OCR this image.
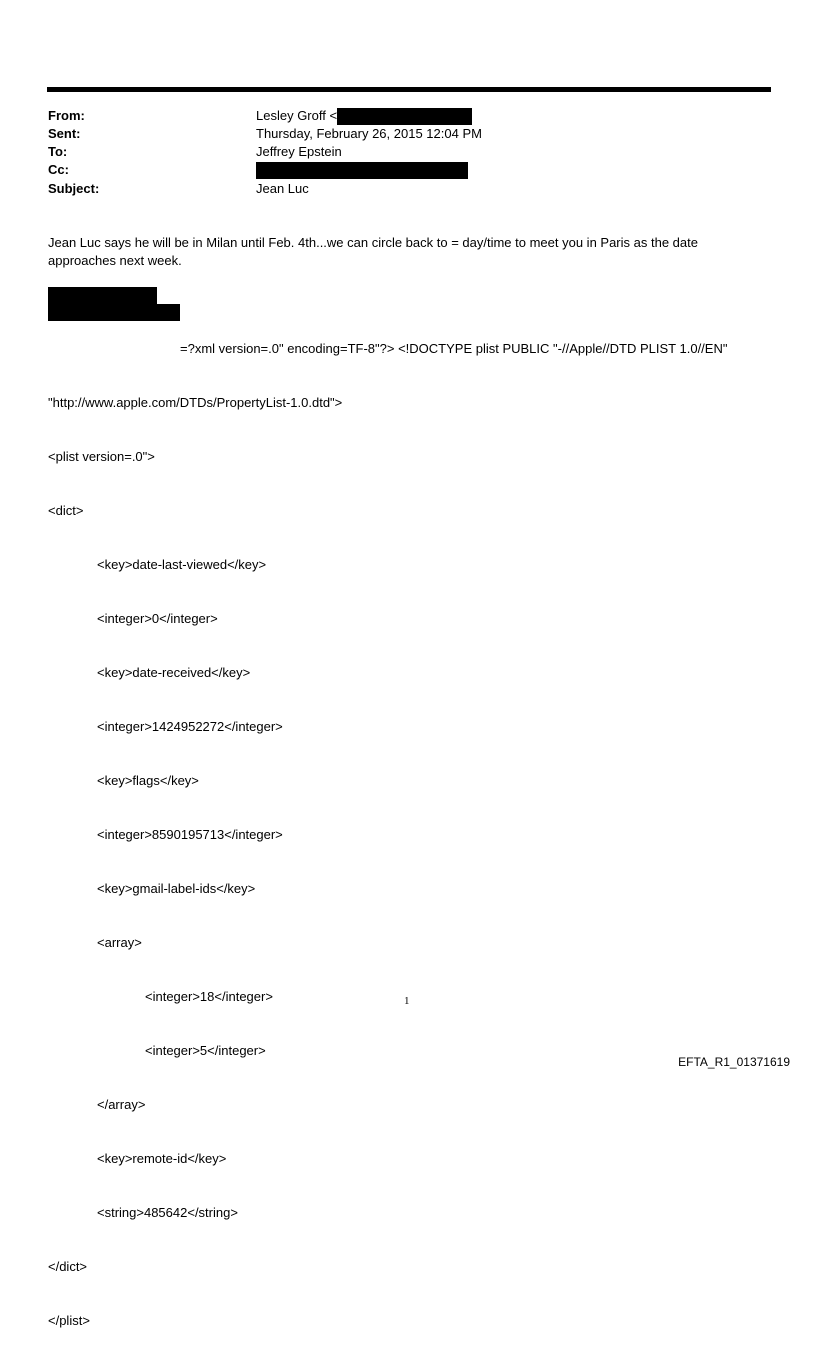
From:	Lesley Groff <
Sent:	Thursday, February 26, 2015 12:04 PM
To:	Jeffrey Epstein
Cc:
Subject:	Jean Luc
Jean Luc says he will be in Milan until Feb. 4th...we can circle back to = day/time to meet you in Paris as the date approaches next week.

=?xml version=.0" encoding=TF-8"?> <!DOCTYPE plist PUBLIC "-//Apple//DTD PLIST 1.0//EN"

"http://www.apple.com/DTDs/PropertyList-1.0.dtd">

<plist version=.0">

<dict>

<key>date-last-viewed</key>

<integer>0</integer>

<key>date-received</key>

<integer>1424952272</integer>

<key>flags</key>

<integer>8590195713</integer>

<key>gmail-label-ids</key>

<array>

<integer>18</integer>

<integer>5</integer>

</array>

<key>remote-id</key>

<string>485642</string>

</dict>

</plist>

1
EFTA_R1_01371619
